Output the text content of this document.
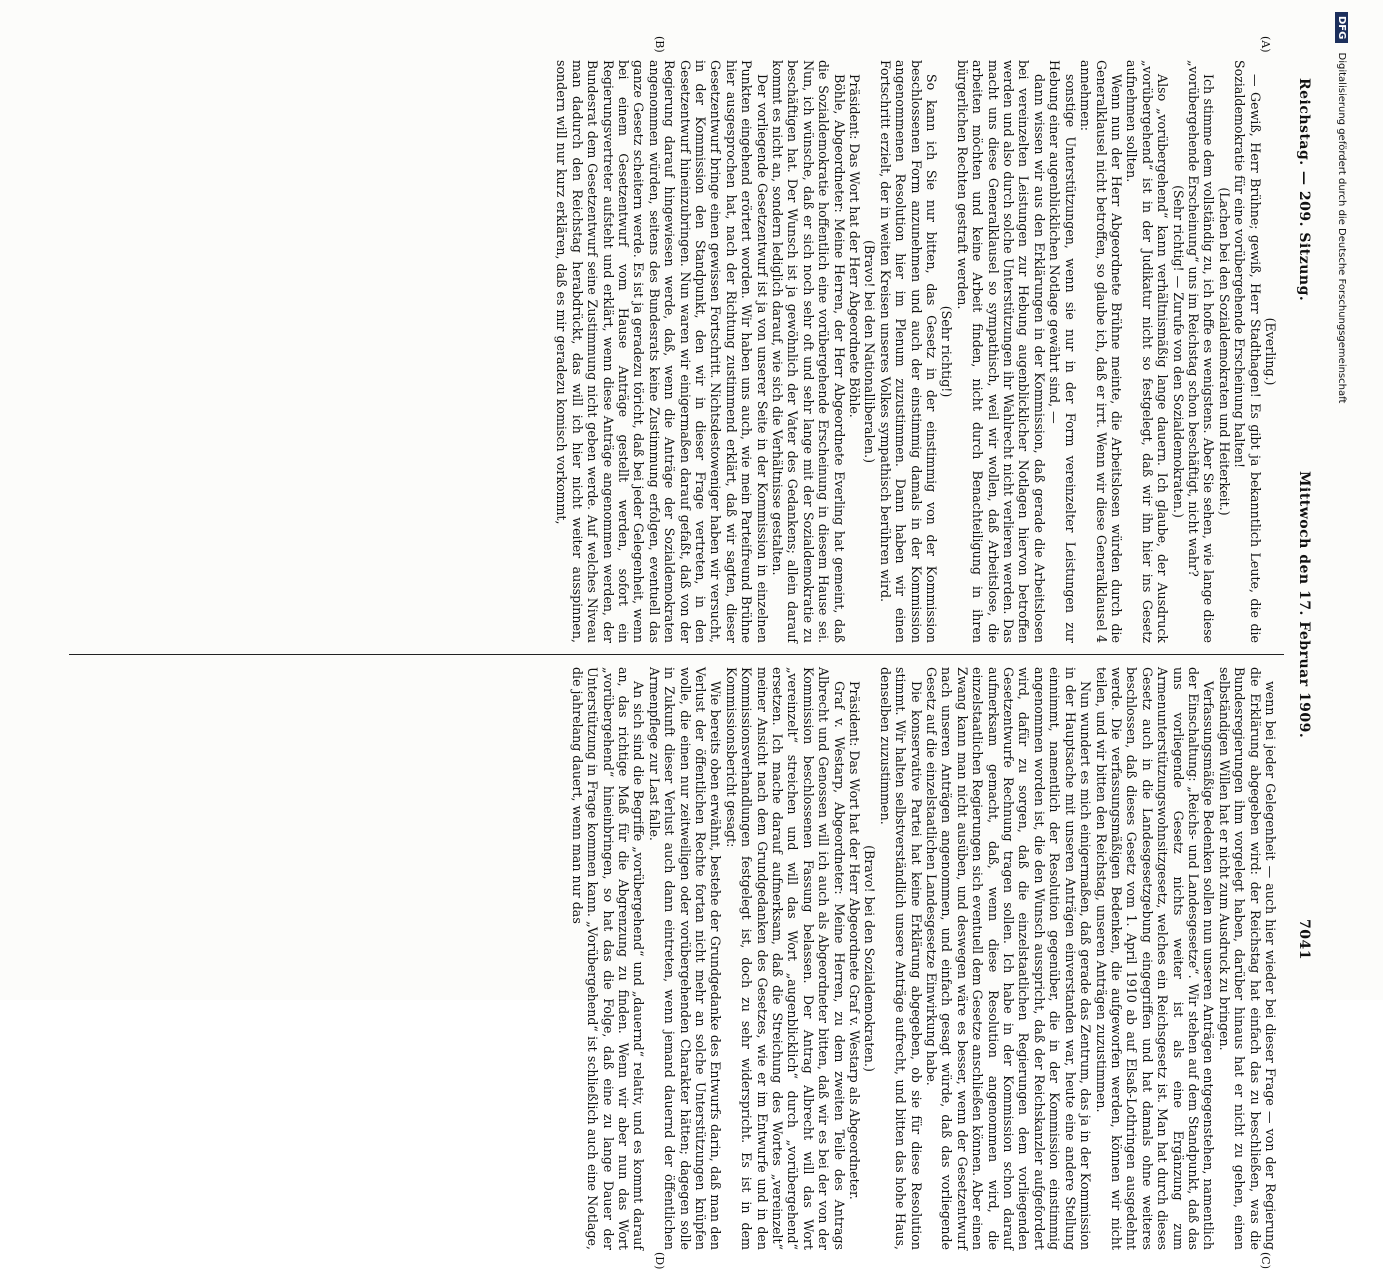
Reichstag. — 209. Sitzung.
Mittwoch den 17. Februar 1909.  7041
(A)
(B)
(C)
(D)

(Everling.)

— Gewiß, Herr Brühne; gewiß, Herr Stadthagen! Es gibt ja bekanntlich Leute, die die Sozialdemokratie für eine vorübergehende Erscheinung halten!

(Lachen bei den Sozialdemokraten und Heiterkeit.)

Ich stimme dem vollständig zu, ich hoffe es wenigstens. Aber Sie sehen, wie lange diese „vorübergehende Erscheinung“ uns im Reichstag schon beschäftigt, nicht wahr?

(Sehr richtig! — Zurufe von den Sozialdemokraten.)

Also „vorübergehend“ kann verhältnismäßig lange dauern. Ich glaube, der Ausdruck „vorübergehend“ ist in der Judikatur nicht so festgelegt, daß wir ihn hier ins Gesetz aufnehmen sollten.

Wenn nun der Herr Abgeordnete Brühne meinte, die Arbeitslosen würden durch die Generalklausel nicht betroffen, so glaube ich, daß er irrt. Wenn wir diese Generalklausel 4 annehmen:

sonstige Unterstützungen, wenn sie nur in der Form vereinzelter Leistungen zur Hebung einer augenblicklichen Notlage gewährt sind, —

dann wissen wir aus den Erklärungen in der Kommission, daß gerade die Arbeitslosen bei vereinzelten Leistungen zur Hebung augenblicklicher Notlagen hiervon betroffen werden und also durch solche Unterstützungen ihr Wahlrecht nicht verlieren werden. Das macht uns diese Generalklausel so sympathisch, weil wir wollen, daß Arbeitslose, die arbeiten möchten und keine Arbeit finden, nicht durch Benachteiligung in ihren bürgerlichen Rechten gestraft werden.

(Sehr richtig!)

So kann ich Sie nur bitten, das Gesetz in der einstimmig von der Kommission beschlossenen Form anzunehmen und auch der einstimmig damals in der Kommission angenommenen Resolution hier im Plenum zuzustimmen. Dann haben wir einen Fortschritt erzielt, der in weiten Kreisen unseres Volkes sympathisch berühren wird.

(Bravo! bei den Nationalliberalen.)

Präsident: Das Wort hat der Herr Abgeordnete Böhle.

Böhle, Abgeordneter: Meine Herren, der Herr Abgeordnete Everling hat gemeint, daß die Sozialdemokratie hoffentlich eine vorübergehende Erscheinung in diesem Hause sei. Nun, ich wünsche, daß er sich noch sehr oft und sehr lange mit der Sozialdemokratie zu beschäftigen hat. Der Wunsch ist ja gewöhnlich der Vater des Gedankens; allein darauf kommt es nicht an, sondern lediglich darauf, wie sich die Verhältnisse gestalten.

Der vorliegende Gesetzentwurf ist ja von unserer Seite in der Kommission in einzelnen Punkten eingehend erörtert worden. Wir haben uns auch, wie mein Parteifreund Brühne hier ausgesprochen hat, nach der Richtung zustimmend erklärt, daß wir sagten, dieser Gesetzentwurf bringe einen gewissen Fortschritt. Nichtsdestoweniger haben wir versucht, in der Kommission den Standpunkt, den wir in dieser Frage vertreten, in den Gesetzentwurf hineinzubringen. Nun waren wir einigermaßen darauf gefaßt, daß von der Regierung darauf hingewiesen werde, daß, wenn die Anträge der Sozialdemokraten angenommen würden, seitens des Bundesrats keine Zustimmung erfolgen, eventuell das ganze Gesetz scheitern werde. Es ist ja geradezu töricht, daß bei jeder Gelegenheit, wenn bei einem Gesetzentwurf vom Hause Anträge gestellt werden, sofort ein Regierungsvertreter aufsteht und erklärt, wenn diese Anträge angenommen werden, der Bundesrat dem Gesetzentwurf seine Zustimmung nicht geben werde. Auf welches Niveau man dadurch den Reichstag herabdrückt, das will ich hier nicht weiter ausspinnen, sondern will nur kurz erklären, daß es mir geradezu komisch vorkommt,

wenn bei jeder Gelegenheit — auch hier wieder bei dieser Frage — von der Regierung die Erklärung abgegeben wird: der Reichstag hat einfach das zu beschließen, was die Bundesregierungen ihm vorgelegt haben, darüber hinaus hat er nicht zu gehen, einen selbständigen Willen hat er nicht zum Ausdruck zu bringen.

Verfassungsmäßige Bedenken sollen nun unseren Anträgen entgegenstehen, namentlich der Einschaltung: „Reichs- und Landesgesetze“. Wir stehen auf dem Standpunkt, daß das uns vorliegende Gesetz nichts weiter ist als eine Ergänzung zum Armenunterstützungswohnsitzgesetz, welches ein Reichsgesetz ist. Man hat durch dieses Gesetz auch in die Landesgesetzgebung eingegriffen und hat damals ohne weiteres beschlossen, daß dieses Gesetz vom 1. April 1910 ab auf Elsaß-Lothringen ausgedehnt werde. Die verfassungsmäßigen Bedenken, die aufgeworfen werden, können wir nicht teilen, und wir bitten den Reichstag, unseren Anträgen zuzustimmen.

Nun wundert es mich einigermaßen, daß gerade das Zentrum, das ja in der Kommission in der Hauptsache mit unseren Anträgen einverstanden war, heute eine andere Stellung einnimmt, namentlich der Resolution gegenüber, die in der Kommission einstimmig angenommen worden ist, die den Wunsch ausspricht, daß der Reichskanzler aufgefordert wird, dafür zu sorgen, daß die einzelstaatlichen Regierungen dem vorliegenden Gesetzentwurfe Rechnung tragen sollen. Ich habe in der Kommission schon darauf aufmerksam gemacht, daß, wenn diese Resolution angenommen wird, die einzelstaatlichen Regierungen sich eventuell dem Gesetze anschließen können. Aber einen Zwang kann man nicht ausüben, und deswegen wäre es besser, wenn der Gesetzentwurf nach unseren Anträgen angenommen, und einfach gesagt würde, daß das vorliegende Gesetz auf die einzelstaatlichen Landesgesetze Einwirkung habe.

Die konservative Partei hat keine Erklärung abgegeben, ob sie für diese Resolution stimmt. Wir halten selbstverständlich unsere Anträge aufrecht, und bitten das hohe Haus, denselben zuzustimmen.

(Bravo! bei den Sozialdemokraten.)

Präsident: Das Wort hat der Herr Abgeordnete Graf v. Westarp als Abgeordneter.

Graf v. Westarp, Abgeordneter: Meine Herren, zu dem zweiten Teile des Antrags Albrecht und Genossen will ich auch als Abgeordneter bitten, daß wir es bei der von der Kommission beschlossenen Fassung belassen. Der Antrag Albrecht will das Wort „vereinzelt“ streichen und will das Wort „augenblicklich“ durch „vorübergehend“ ersetzen. Ich mache darauf aufmerksam, daß die Streichung des Wortes „vereinzelt“ meiner Ansicht nach dem Grundgedanken des Gesetzes, wie er im Entwurfe und in den Kommissionsverhandlungen festgelegt ist, doch zu sehr widerspricht. Es ist in dem Kommissionsbericht gesagt:

Wie bereits oben erwähnt, bestehe der Grundgedanke des Entwurfs darin, daß man den Verlust der öffentlichen Rechte fortan nicht mehr an solche Unterstützungen knüpfen wolle, die einen nur zeitweiligen oder vorübergehenden Charakter hätten; dagegen solle in Zukunft dieser Verlust auch dann eintreten, wenn jemand dauernd der öffentlichen Armenpflege zur Last falle.

An sich sind die Begriffe „vorübergehend“ und „dauernd“ relativ, und es kommt darauf an, das richtige Maß für die Abgrenzung zu finden. Wenn wir aber nun das Wort „vorübergehend“ hineinbringen, so hat das die Folge, daß eine zu lange Dauer der Unterstützung in Frage kommen kann. „Vorübergehend“ ist schließlich auch eine Notlage, die jahrelang dauert, wenn man nur das

DFG Digitalisierung gefördert durch die Deutsche Forschungsgemeinschaft
